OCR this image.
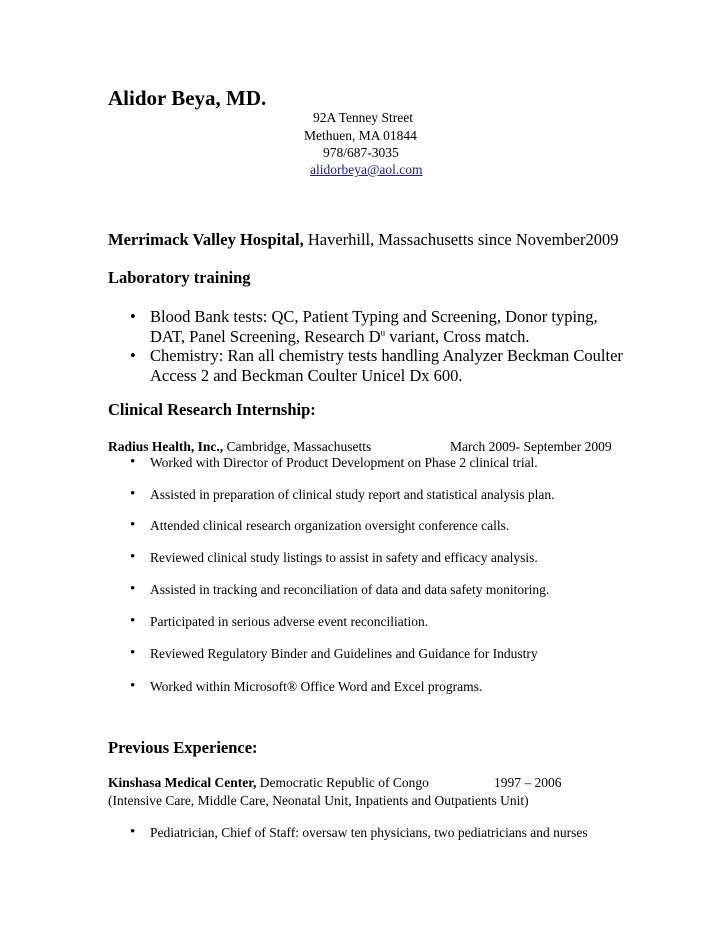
Alidor Beya, MD.
92A Tenney Street
Methuen, MA 01844
978/687-3035
alidorbeya@aol.com
Merrimack Valley Hospital, Haverhill, Massachusetts since November2009
Laboratory training
• Blood Bank tests: QC, Patient Typing and Screening, Donor typing,
DAT, Panel Screening, Research $D^u$ variant, Cross match.
• Chemistry: Ran all chemistry tests handling Analyzer Beckman Coulter
Access 2 and Beckman Coulter Unicel Dx 600.
Clinical Research Internship:
Radius Health, Inc., Cambridge, Massachusetts	March 2009- September 2009
• Worked with Director of Product Development on Phase 2 clinical trial.
• Assisted in preparation of clinical study report and statistical analysis plan.
• Attended clinical research organization oversight conference calls.
• Reviewed clinical study listings to assist in safety and efficacy analysis.
• Assisted in tracking and reconciliation of data and data safety monitoring.
• Participated in serious adverse event reconciliation.
• Reviewed Regulatory Binder and Guidelines and Guidance for Industry
• Worked within Microsoft® Office Word and Excel programs.
Previous Experience:
Kinshasa Medical Center, Democratic Republic of Congo	1997 – 2006
(Intensive Care, Middle Care, Neonatal Unit, Inpatients and Outpatients Unit)
• Pediatrician, Chief of Staff: oversaw ten physicians, two pediatricians and nurses
